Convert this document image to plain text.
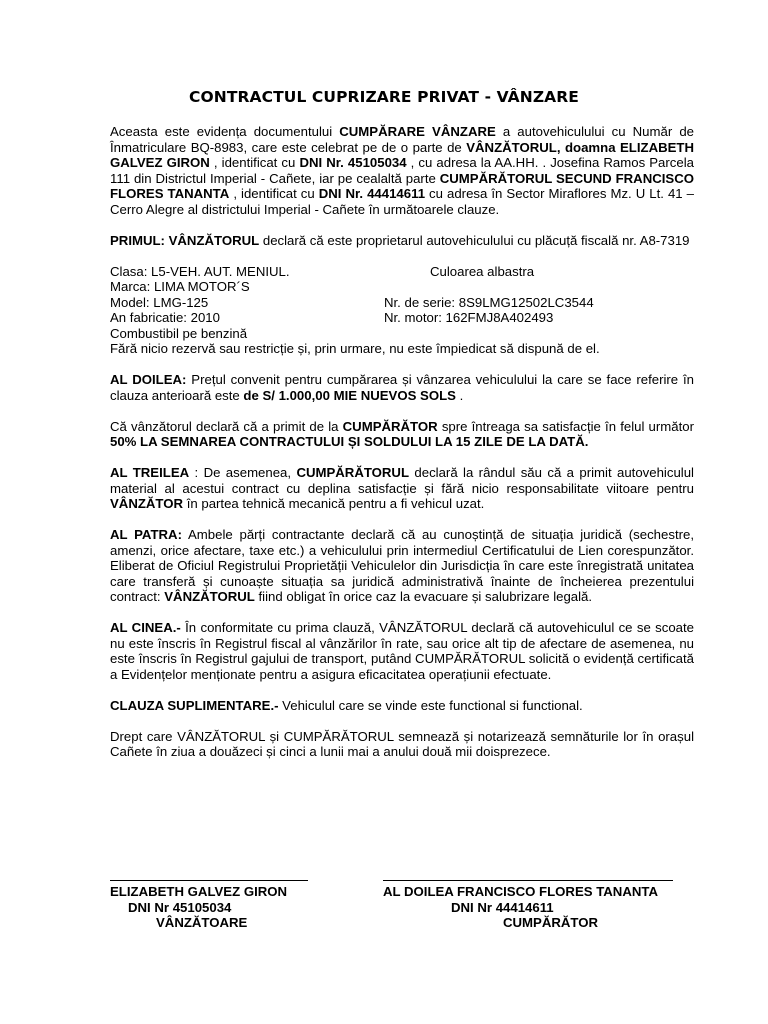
CONTRACTUL CUPRIZARE PRIVAT - VÂNZARE

Aceasta este evidența documentului CUMPĂRARE VÂNZARE a autovehiculului cu Număr de Înmatriculare BQ-8983, care este celebrat pe de o parte de VÂNZĂTORUL, doamna ELIZABETH GALVEZ GIRON , identificat cu DNI Nr. 45105034 , cu adresa la AA.HH. . Josefina Ramos Parcela 111 din Districtul Imperial - Cañete, iar pe cealaltă parte CUMPĂRĂTORUL SECUND FRANCISCO FLORES TANANTA , identificat cu DNI Nr. 44414611 cu adresa în Sector Miraflores Mz. U Lt. 41 – Cerro Alegre al districtului Imperial - Cañete în următoarele clauze.

PRIMUL: VÂNZĂTORUL declară că este proprietarul autovehiculului cu plăcuță fiscală nr. A8-7319

Clasa: L5-VEH. AUT. MENIUL.	Culoarea albastra
Marca: LIMA MOTOR´S
Model: LMG-125	Nr. de serie: 8S9LMG12502LC3544
An fabricatie: 2010	Nr. motor: 162FMJ8A402493
Combustibil pe benzină
Fără nicio rezervă sau restricție și, prin urmare, nu este împiedicat să dispună de el.

AL DOILEA: Prețul convenit pentru cumpărarea și vânzarea vehiculului la care se face referire în clauza anterioară este de S/ 1.000,00 MIE NUEVOS SOLS .

Că vânzătorul declară că a primit de la CUMPĂRĂTOR spre întreaga sa satisfacție în felul următor 50% LA SEMNAREA CONTRACTULUI ȘI SOLDULUI LA 15 ZILE DE LA DATĂ.

AL TREILEA : De asemenea, CUMPĂRĂTORUL declară la rândul său că a primit autovehiculul material al acestui contract cu deplina satisfacție și fără nicio responsabilitate viitoare pentru VÂNZĂTOR în partea tehnică mecanică pentru a fi vehicul uzat.

AL PATRA: Ambele părți contractante declară că au cunoștință de situația juridică (sechestre, amenzi, orice afectare, taxe etc.) a vehiculului prin intermediul Certificatului de Lien corespunzător. Eliberat de Oficiul Registrului Proprietății Vehiculelor din Jurisdicția în care este înregistrată unitatea care transferă și cunoaște situația sa juridică administrativă înainte de încheierea prezentului contract: VÂNZĂTORUL fiind obligat în orice caz la evacuare și salubrizare legală.

AL CINEA.- În conformitate cu prima clauză, VÂNZĂTORUL declară că autovehiculul ce se scoate nu este înscris în Registrul fiscal al vânzărilor în rate, sau orice alt tip de afectare de asemenea, nu este înscris în Registrul gajului de transport, putând CUMPĂRĂTORUL solicită o evidență certificată a Evidențelor menționate pentru a asigura eficacitatea operațiunii efectuate.

CLAUZA SUPLIMENTARE.- Vehiculul care se vinde este functional si functional.

Drept care VÂNZĂTORUL și CUMPĂRĂTORUL semnează și notarizează semnăturile lor în orașul Cañete în ziua a douăzeci și cinci a lunii mai a anului două mii doisprezece.

ELIZABETH GALVEZ GIRON
DNI Nr 45105034
VÂNZĂTOARE
AL DOILEA FRANCISCO FLORES TANANTA
DNI Nr 44414611
CUMPĂRĂTOR
